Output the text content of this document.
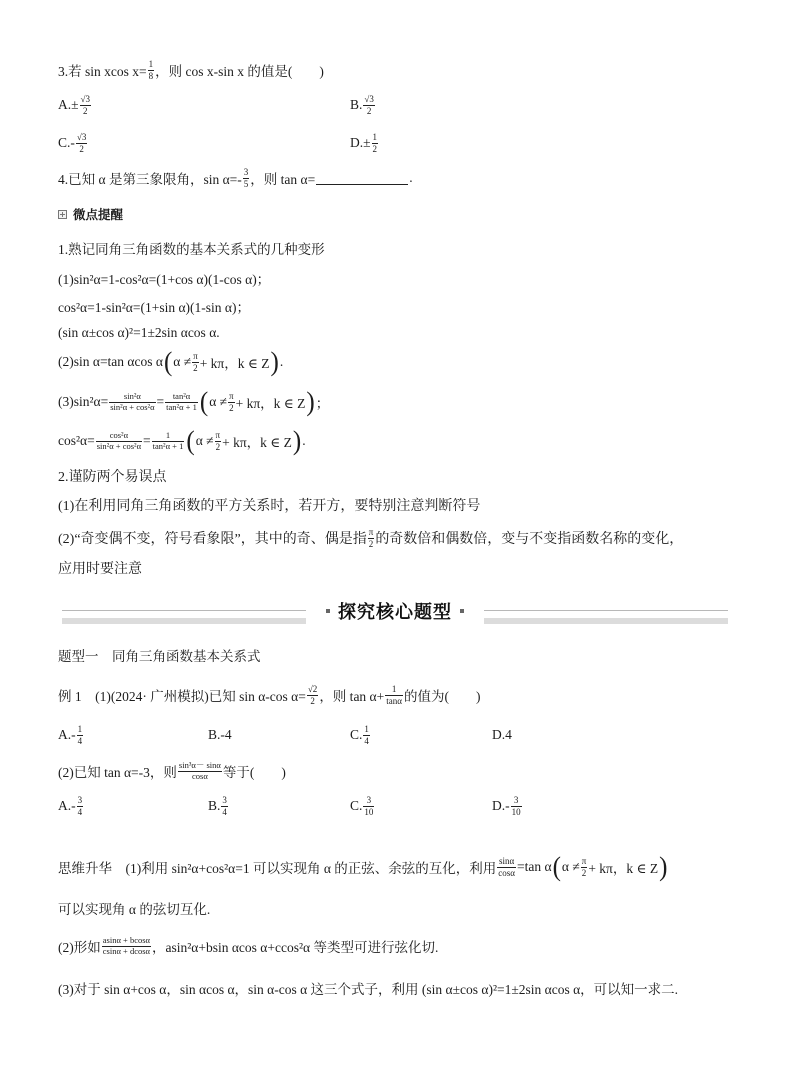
3.若 sin xcos $x= \frac{1}{8}$ ，则 cos x-sin x 的值是(　　)
$A.\pm \frac{√3}{2}$	B. $\frac{√3}{2}$
$C.- \frac{√3}{2}$	$D.\pm \frac{1}{2}$
4.已知 α 是第三象限角，$\sin \alpha=- \frac{3}{5}$ ，则 tan α=	.
微点提醒
1.熟记同角三角函数的基本关系式的几种变形
(1)sin²α=1-cos²α=(1+cos α)(1-cos α)；
cos²α=1-sin²α=(1+sin α)(1-sin α)；
(sin α±cos α)²=1±2sin αcos α.
(2)sin α=tan αcos α ( $\alpha \ne \frac{\pi}{2} + k\pi$，k ∈ Z ) .
$(3)\sin^2\alpha= \frac{\text{sin²α}}{\text{sin²α + cos²α}} = \frac{\text{tan²α}}{\text{tan²α + 1}}$ ( $\alpha \ne \frac{\pi}{2} + k\pi$，k ∈ Z ) ；
$\cos^2\alpha= \frac{\text{cos²α}}{\text{sin²α + cos²α}} = \frac{1}{\text{tan²α + 1}}$ ( $\alpha \ne \frac{\pi}{2} + k\pi$，k ∈ Z ) .
2.谨防两个易误点
(1)在利用同角三角函数的平方关系时，若开方，要特别注意判断符号
(2)“奇变偶不变，符号看象限”，其中的奇、偶是指 $\frac{\pi}{2}$ 的奇数倍和偶数倍，变与不变指函数名称的变化，
应用时要注意
探究核心题型
题型一　同角三角函数基本关系式
例 1　(1)(2024· 广州模拟)已知 sin α-cos $\alpha= \frac{√2}{2}$ ，则 $\tan \alpha+ \frac{1}{\tan\alpha}$ 的值为(　　)
$A.- \frac{1}{4}$	B.-4	C. $\frac{1}{4}$	D.4
(2)已知 tan α=-3，则 $\frac{\text{sin³α－ sinα}}{\cos\alpha}$ 等于(　　)
$A.- \frac{3}{4}$	B. $\frac{3}{4}$	C. $\frac{3}{10}$	$D.- \frac{3}{10}$
思维升华 　(1)利用 sin²α+cos²α=1 可以实现角 α 的正弦、余弦的互化，利用 $\frac{\sin\alpha}{\cos\alpha} =\tan$ α ( $\alpha \ne \frac{\pi}{2} + k\pi$，k ∈ Z )
可以实现角 α 的弦切互化.
(2)形如 $\frac{asin\alpha + bcos\alpha}{csin\alpha + dcos\alpha}$ ，asin²α+bsin αcos α+ccos²α 等类型可进行弦化切.
(3)对于 sin α+cos α，sin αcos α，sin α-cos α 这三个式子，利用 (sin α±cos α)²=1±2sin αcos α，可以知一求二.
